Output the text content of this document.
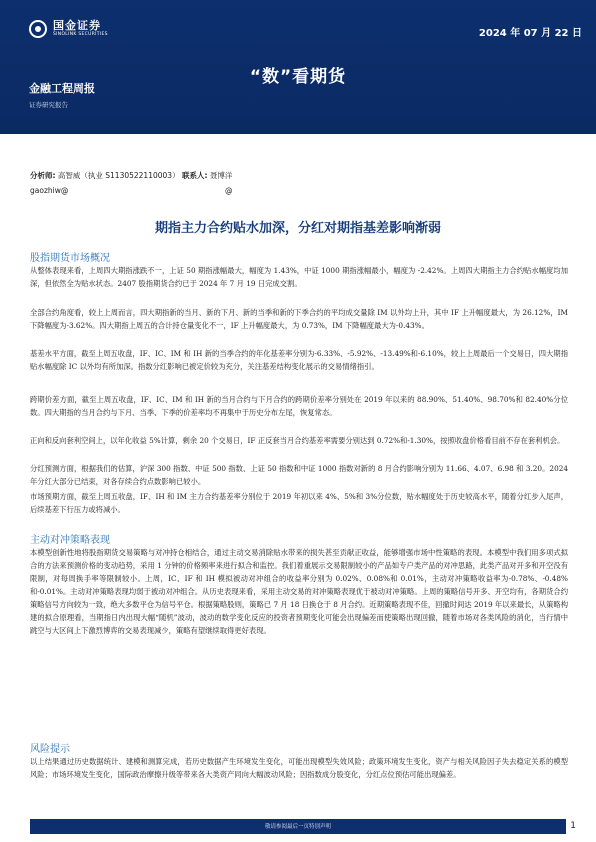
国金证券
SINOLINK SECURITIES	2024 年 07 月 22 日
“数”看期货
金融工程周报
证券研究报告
分析师: 高智威（执业 S1130522110003） 联系人: 聂博洋
gaozhiw@	@
期指主力合约贴水加深，分红对期指基差影响渐弱
股指期货市场概况

从整体表现来看，上周四大期指涨跌不一，上证 50 期指涨幅最大，幅度为 1.43%，中证 1000 期指涨幅最小，幅度为 -2.42%。上周四大期指主力合约贴水幅度均加深，但依然全为贴水状态。2407 股指期货合约已于 2024 年 7 月 19 日完成交割。

全部合约角度看，较上上周而言，四大期指新的当月、新的下月、新的当季和新的下季合约的平均成交量除 IM 以外均上升，其中 IF 上升幅度最大，为 26.12%，IM 下降幅度为-3.62%。四大期指上周五的合计持仓量变化不一，IF 上升幅度最大，为 0.73%，IM 下降幅度最大为-0.43%。

基差水平方面，截至上周五收盘，IF、IC、IM 和 IH 新的当季合约的年化基差率分别为-6.33%、-5.92%、-13.49%和-6.10%，较上上周最后一个交易日，四大期指贴水幅度除 IC 以外均有所加深。指数分红影响已被定价较为充分，关注基差结构变化展示的交易情绪指引。

跨期价差方面，截至上周五收盘，IF、IC、IM 和 IH 新的当月合约与下月合约的跨期价差率分别处在 2019 年以来的 88.90%、51.40%、98.70%和 82.40%分位数。四大期指的当月合约与下月、当季、下季的价差率均不再集中于历史分布左尾，恢复常态。

正向和反向套利空间上，以年化收益 5%计算，剩余 20 个交易日，IF 正反套当月合约基差率需要分别达到 0.72%和-1.30%，按照收盘价格看目前不存在套利机会。

分红预测方面，根据我们的估算，沪深 300 指数、中证 500 指数、上证 50 指数和中证 1000 指数对新的 8 月合约影响分别为 11.66、4.07、6.98 和 3.20。2024 年分红大部分已结束，对各存续合约点数影响已较小。

市场预期方面，截至上周五收盘，IF、IH 和 IM 主力合约基差率分别位于 2019 年初以来 4%、5%和 3%分位数，贴水幅度处于历史较高水平，随着分红步入尾声，后续基差下行压力或将减小。

主动对冲策略表现

本模型创新性地将股指期货交易策略与对冲持仓相结合，通过主动交易消除贴水带来的损失甚至贡献正收益，能够增强市场中性策略的表现。本模型中我们用多项式拟合的方法来预测价格的变动趋势，采用 1 分钟的价格频率来进行拟合和监控。我们着重展示交易限制较小的产品如专户类产品的对冲思路，此类产品对开多和开空没有限制，对每周换手率等限制较小。上周，IC、IF 和 IH 模拟被动对冲组合的收益率分别为 0.02%、0.08%和 0.01%，主动对冲策略收益率为-0.78%、-0.48%和-0.01%。主动对冲策略表现均弱于被动对冲组合。从历史表现来看，采用主动交易的对冲策略表现优于被动对冲策略。上周的策略信号开多、开空均有，各期货合约策略信号方向较为一致，绝大多数平仓为信号平仓。根据策略股则，策略已 7 月 18 日换仓于 8 月合约。近期策略表现不佳，回撤时间达 2019 年以来最长，从策略构建的拟合原理看，当期指日内出现大幅“随机”波动，波动的数学变化反应的投资者预期变化可能会出现偏差而使策略出现回撤，随着市场对各类风险的消化，当行情中跳空与大区间上下激烈博弈的交易表现减少，策略有望继续取得更好表现。

风险提示

以上结果通过历史数据统计、建模和测算完成，若历史数据产生环境发生变化，可能出现模型失效风险；政策环境发生变化，资产与相关风险因子失去稳定关系的模型风险；市场环境发生变化，国际政治摩擦升级等带来各大类资产同向大幅波动风险；因指数成分股变化，分红点位预估可能出现偏差。

敬请参阅最后一页特别声明	1
